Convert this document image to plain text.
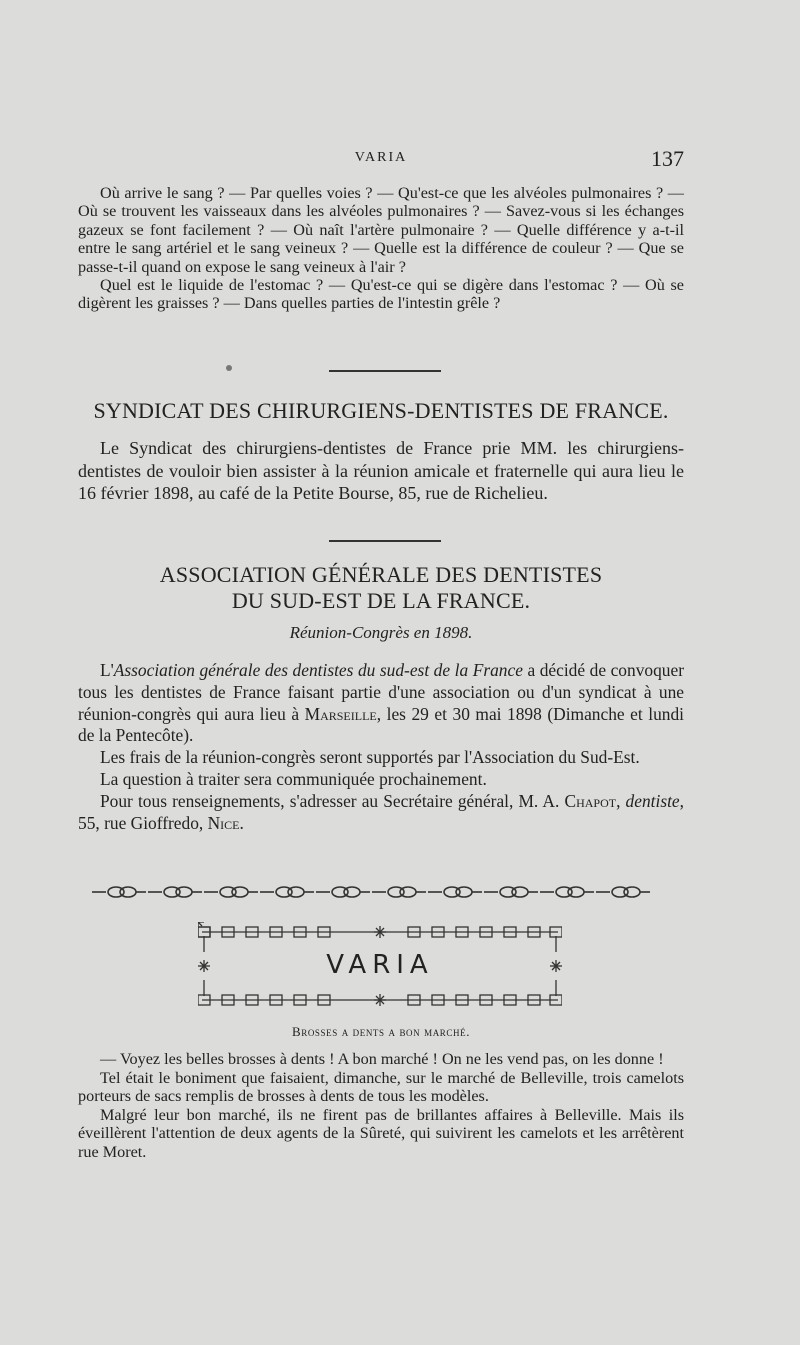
VARIA	137

Où arrive le sang ? — Par quelles voies ? — Qu'est-ce que les alvéoles pulmonaires ? — Où se trouvent les vaisseaux dans les alvéoles pulmonaires ? — Savez-vous si les échanges gazeux se font facilement ? — Où naît l'artère pulmonaire ? — Quelle différence y a-t-il entre le sang artériel et le sang veineux ? — Quelle est la différence de couleur ? — Que se passe-t-il quand on expose le sang veineux à l'air ?

Quel est le liquide de l'estomac ? — Qu'est-ce qui se digère dans l'estomac ? — Où se digèrent les graisses ? — Dans quelles parties de l'intestin grêle ?

SYNDICAT DES CHIRURGIENS-DENTISTES DE FRANCE.

Le Syndicat des chirurgiens-dentistes de France prie MM. les chirurgiens-dentistes de vouloir bien assister à la réunion amicale et fraternelle qui aura lieu le 16 février 1898, au café de la Petite Bourse, 85, rue de Richelieu.

ASSOCIATION GÉNÉRALE DES DENTISTES
DU SUD-EST DE LA FRANCE.
Réunion-Congrès en 1898.

L'Association générale des dentistes du sud-est de la France a décidé de convoquer tous les dentistes de France faisant partie d'une association ou d'un syndicat à une réunion-congrès qui aura lieu à Marseille, les 29 et 30 mai 1898 (Dimanche et lundi de la Pentecôte).

Les frais de la réunion-congrès seront supportés par l'Association du Sud-Est.

La question à traiter sera communiquée prochainement.

Pour tous renseignements, s'adresser au Secrétaire général, M. A. Chapot, dentiste, 55, rue Gioffredo, Nice.

VARIA
Brosses a dents a bon marché.

— Voyez les belles brosses à dents ! A bon marché ! On ne les vend pas, on les donne !

Tel était le boniment que faisaient, dimanche, sur le marché de Belleville, trois camelots porteurs de sacs remplis de brosses à dents de tous les modèles.

Malgré leur bon marché, ils ne firent pas de brillantes affaires à Belleville. Mais ils éveillèrent l'attention de deux agents de la Sûreté, qui suivirent les camelots et les arrêtèrent rue Moret.
